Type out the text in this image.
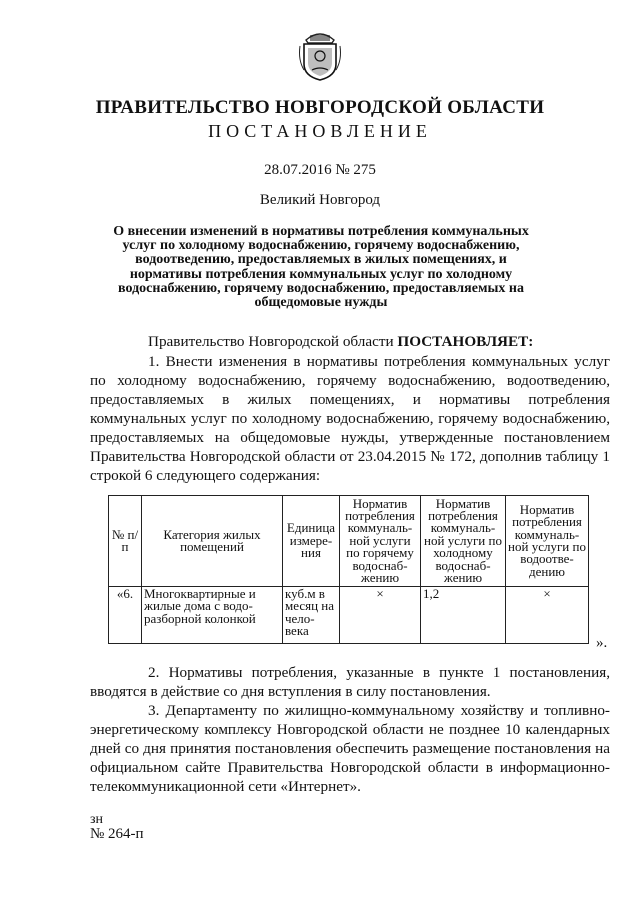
ПРАВИТЕЛЬСТВО НОВГОРОДСКОЙ ОБЛАСТИ
ПОСТАНОВЛЕНИЕ
28.07.2016 № 275
Великий Новгород
О внесении изменений в нормативы потребления коммунальных услуг по холодному водоснабжению, горячему водоснабжению, водоотведению, предоставляемых в жилых помещениях, и нормативы потребления коммунальных услуг по холодному водоснабжению, горячему водоснабжению, предоставляемых на общедомовые нужды
Правительство Новгородской области ПОСТАНОВЛЯЕТ:
1. Внести изменения в нормативы потребления коммунальных услуг по холодному водоснабжению, горячему водоснабжению, водоотведению, предоставляемых в жилых помещениях, и нормативы потребления коммунальных услуг по холодному водоснабжению, горячему водоснабжению, предоставляемых на общедомовые нужды, утвержденные постановлением Правительства Новгородской области от 23.04.2015 № 172, дополнив таблицу 1 строкой 6 следующего содержания:
№ п/п	Категория жилых помещений	Единица измере-ния	Норматив потребления коммуналь-ной услуги по горячему водоснаб-жению	Норматив потребления коммуналь-ной услуги по холодному водоснаб-жению	Норматив потребления коммуналь-ной услуги по водоотве-дению
«6.	Многоквартирные и жилые дома с водо-разборной колонкой	куб.м в месяц на чело-века	×	1,2	×
».
2. Нормативы потребления, указанные в пункте 1 постановления, вводятся в действие со дня вступления в силу постановления.
3. Департаменту по жилищно-коммунальному хозяйству и топливно-энергетическому комплексу Новгородской области не позднее 10 календарных дней со дня принятия постановления обеспечить размещение постановления на официальном сайте Правительства Новгородской области в информационно-телекоммуникационной сети «Интернет».
зн
№ 264-п
